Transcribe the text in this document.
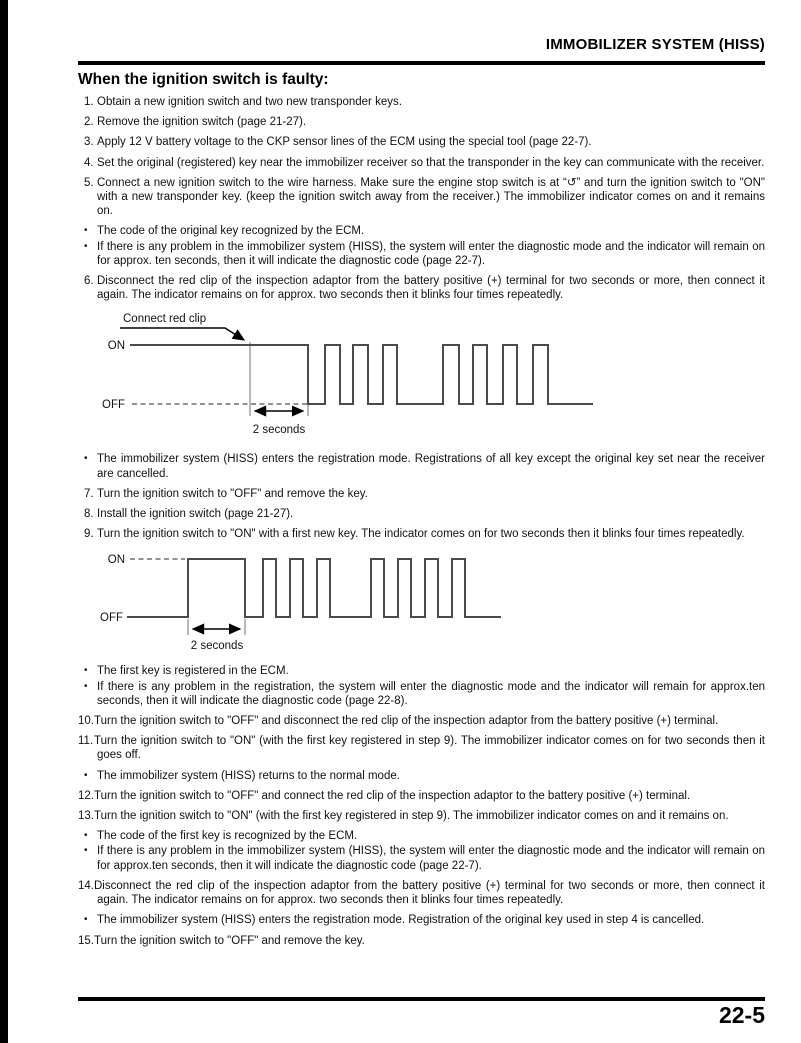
IMMOBILIZER SYSTEM (HISS)
When the ignition switch is faulty:

1. Obtain a new ignition switch and two new transponder keys.

2. Remove the ignition switch (page 21-27).

3. Apply 12 V battery voltage to the CKP sensor lines of the ECM using the special tool (page 22-7).

4. Set the original (registered) key near the immobilizer receiver so that the transponder in the key can communicate with the receiver.

5. Connect a new ignition switch to the wire harness. Make sure the engine stop switch is at “↺” and turn the ignition switch to "ON" with a new transponder key. (keep the ignition switch away from the receiver.) The immobilizer indicator comes on and it remains on.

• The code of the original key recognized by the ECM.

• If there is any problem in the immobilizer system (HISS), the system will enter the diagnostic mode and the indicator will remain on for approx. ten seconds, then it will indicate the diagnostic code (page 22-7).

6. Disconnect the red clip of the inspection adaptor from the battery positive (+) terminal for two seconds or more, then connect it again. The indicator remains on for approx. two seconds then it blinks four times repeatedly.

Connect red clip
ON
OFF
2 seconds

• The immobilizer system (HISS) enters the registration mode. Registrations of all key except the original key set near the receiver are cancelled.

7. Turn the ignition switch to "OFF" and remove the key.

8. Install the ignition switch (page 21-27).

9. Turn the ignition switch to "ON" with a first new key. The indicator comes on for two seconds then it blinks four times repeatedly.

ON
OFF
2 seconds

• The first key is registered in the ECM.

• If there is any problem in the registration, the system will enter the diagnostic mode and the indicator will remain for approx.ten seconds, then it will indicate the diagnostic code (page 22-8).

10.Turn the ignition switch to "OFF" and disconnect the red clip of the inspection adaptor from the battery positive (+) terminal.

11.Turn the ignition switch to "ON" (with the first key registered in step 9). The immobilizer indicator comes on for two seconds then it goes off.

• The immobilizer system (HISS) returns to the normal mode.

12.Turn the ignition switch to "OFF" and connect the red clip of the inspection adaptor to the battery positive (+) terminal.

13.Turn the ignition switch to "ON" (with the first key registered in step 9). The immobilizer indicator comes on and it remains on.

• The code of the first key is recognized by the ECM.

• If there is any problem in the immobilizer system (HISS), the system will enter the diagnostic mode and the indicator will remain on for approx.ten seconds, then it will indicate the diagnostic code (page 22-7).

14.Disconnect the red clip of the inspection adaptor from the battery positive (+) terminal for two seconds or more, then connect it again. The indicator remains on for approx. two seconds then it blinks four times repeatedly.

• The immobilizer system (HISS) enters the registration mode. Registration of the original key used in step 4 is cancelled.

15.Turn the ignition switch to "OFF" and remove the key.

22-5
